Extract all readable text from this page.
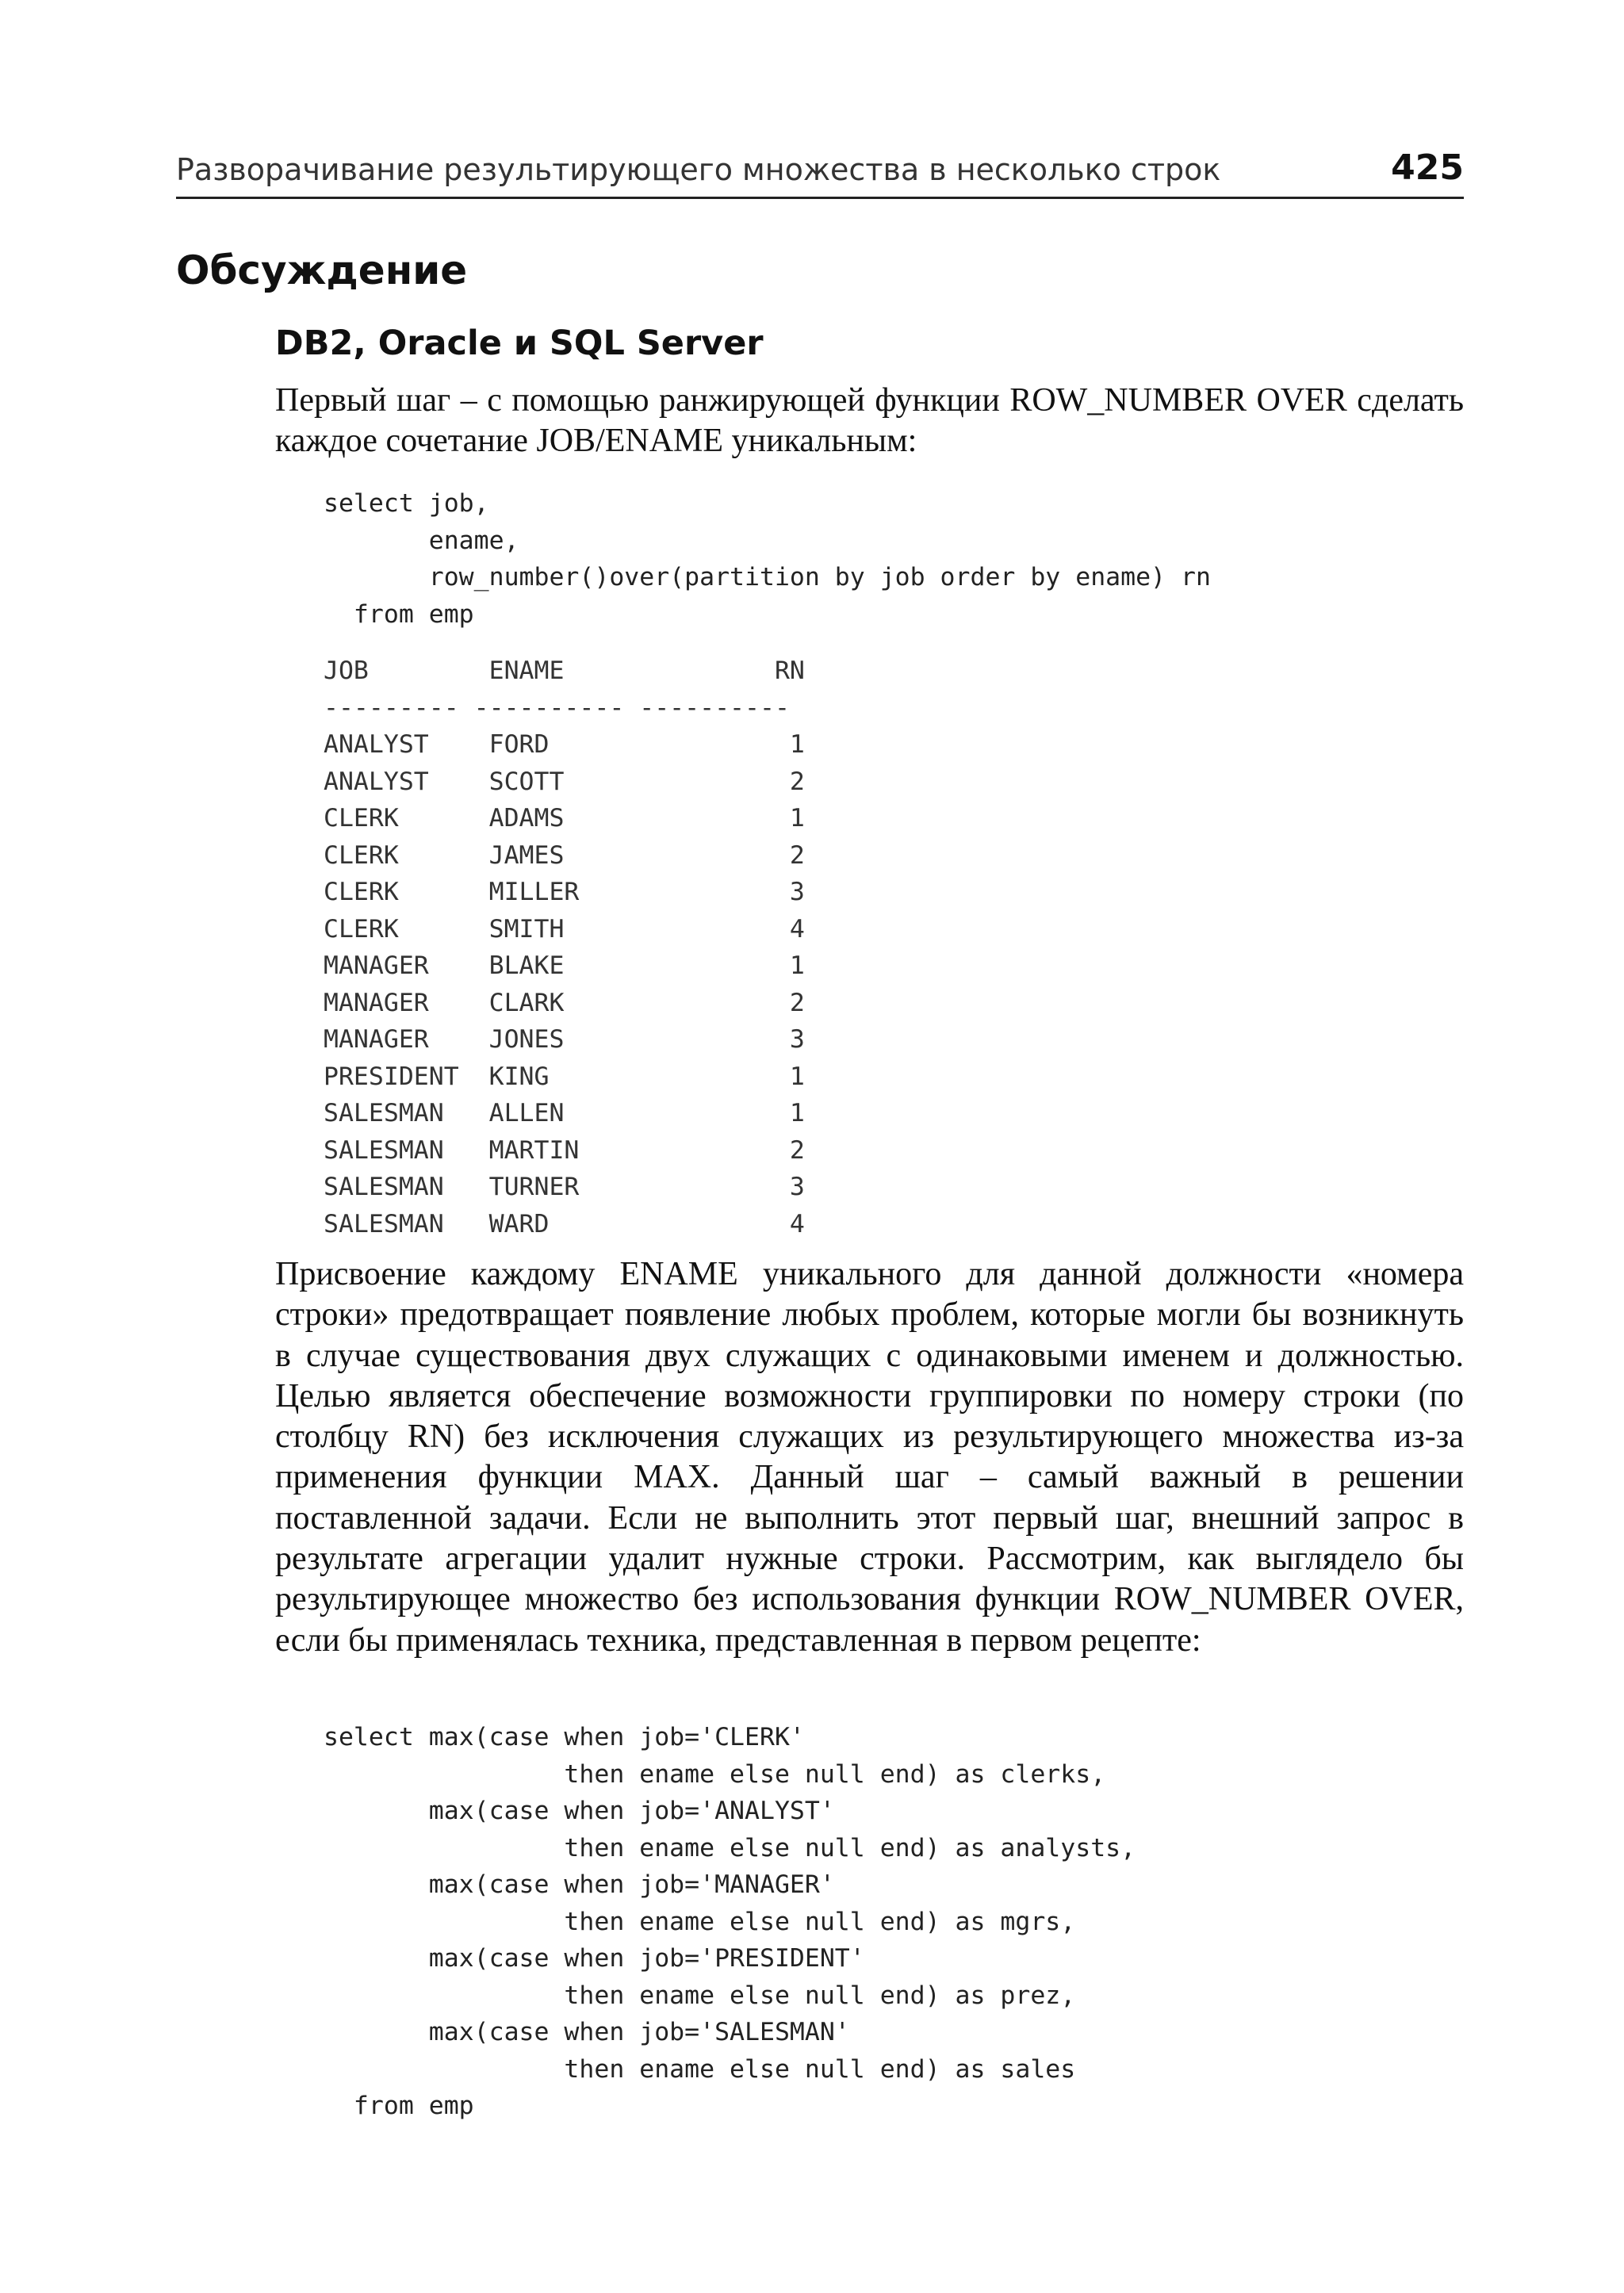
Разворачивание результирующего множества в несколько строк	425
Обсуждение
DB2, Oracle и SQL Server
Первый шаг – с помощью ранжирующей функции ROW_NUMBER OVER сделать каждое сочетание JOB/ENAME уникальным:
select job,
ename,
row_number()over(partition by job order by ename) rn
from emp
JOB        ENAME              RN
--------- ---------- ----------
ANALYST    FORD                1
ANALYST    SCOTT               2
CLERK      ADAMS               1
CLERK      JAMES               2
CLERK      MILLER              3
CLERK      SMITH               4
MANAGER    BLAKE               1
MANAGER    CLARK               2
MANAGER    JONES               3
PRESIDENT  KING                1
SALESMAN   ALLEN               1
SALESMAN   MARTIN              2
SALESMAN   TURNER              3
SALESMAN   WARD                4
Присвоение каждому ENAME уникального для данной должности «номера строки» предотвращает появление любых проблем, которые могли бы возникнуть в случае существования двух служащих с одинаковыми именем и должностью. Целью является обеспечение возможности группировки по номеру строки (по столбцу RN) без исключения служащих из результирующего множества из-за применения функции MAX. Данный шаг – самый важный в решении поставленной задачи. Если не выполнить этот первый шаг, внешний запрос в результате агрегации удалит нужные строки. Рассмотрим, как выглядело бы результирующее множество без использования функции ROW_NUMBER OVER, если бы применялась техника, представленная в первом рецепте:
select max(case when job='CLERK'
then ename else null end) as clerks,
max(case when job='ANALYST'
then ename else null end) as analysts,
max(case when job='MANAGER'
then ename else null end) as mgrs,
max(case when job='PRESIDENT'
then ename else null end) as prez,
max(case when job='SALESMAN'
then ename else null end) as sales
from emp
